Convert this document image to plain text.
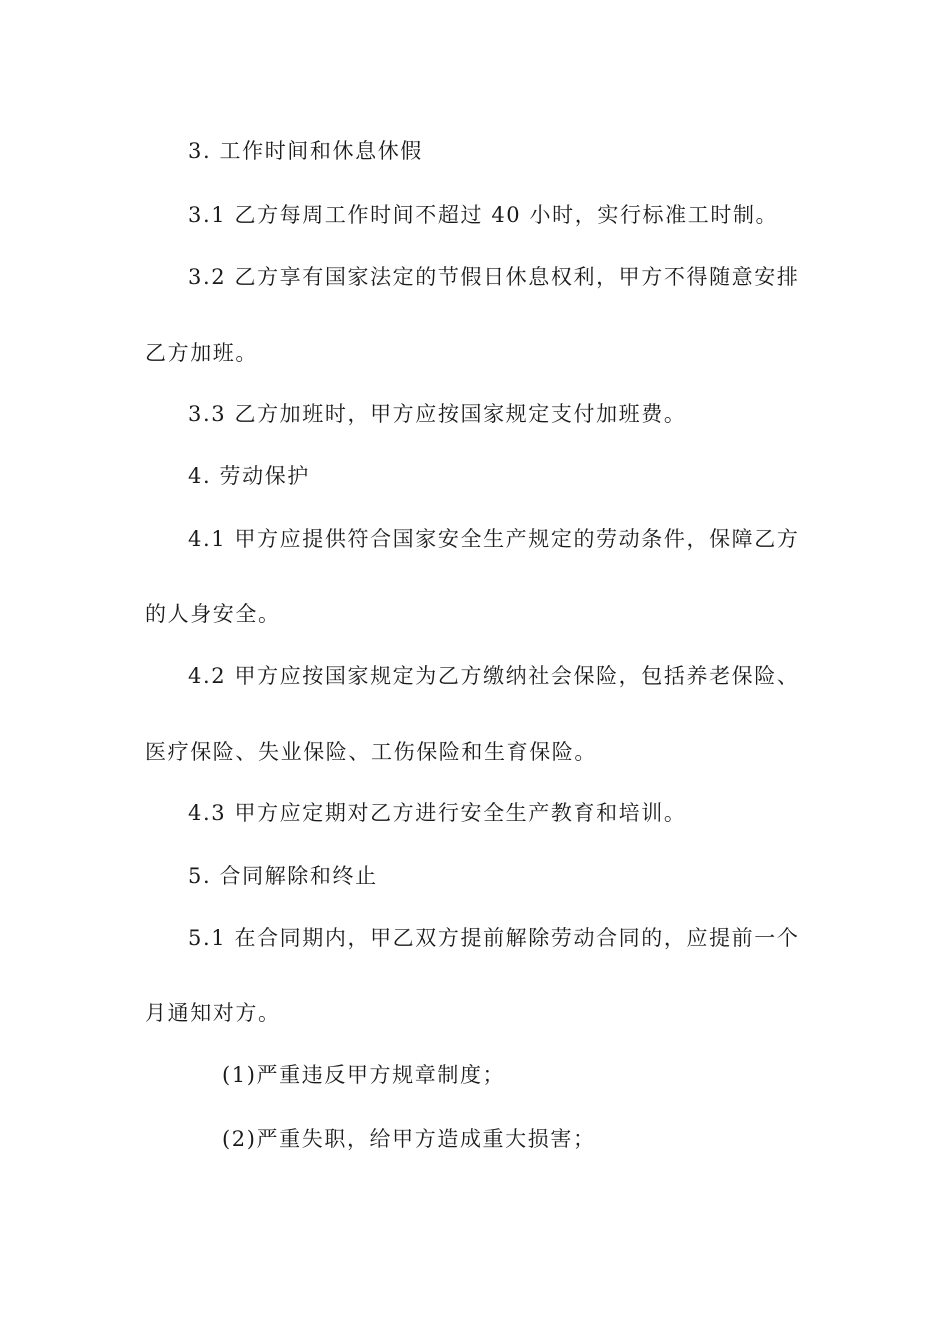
3. 工作时间和休息休假
3.1 乙方每周工作时间不超过 40 小时，实行标准工时制。
3.2 乙方享有国家法定的节假日休息权利，甲方不得随意安排
乙方加班。
3.3 乙方加班时，甲方应按国家规定支付加班费。
4. 劳动保护
4.1 甲方应提供符合国家安全生产规定的劳动条件，保障乙方
的人身安全。
4.2 甲方应按国家规定为乙方缴纳社会保险，包括养老保险、
医疗保险、失业保险、工伤保险和生育保险。
4.3 甲方应定期对乙方进行安全生产教育和培训。
5. 合同解除和终止
5.1 在合同期内，甲乙双方提前解除劳动合同的，应提前一个
月通知对方。
(1)严重违反甲方规章制度；
(2)严重失职，给甲方造成重大损害；
